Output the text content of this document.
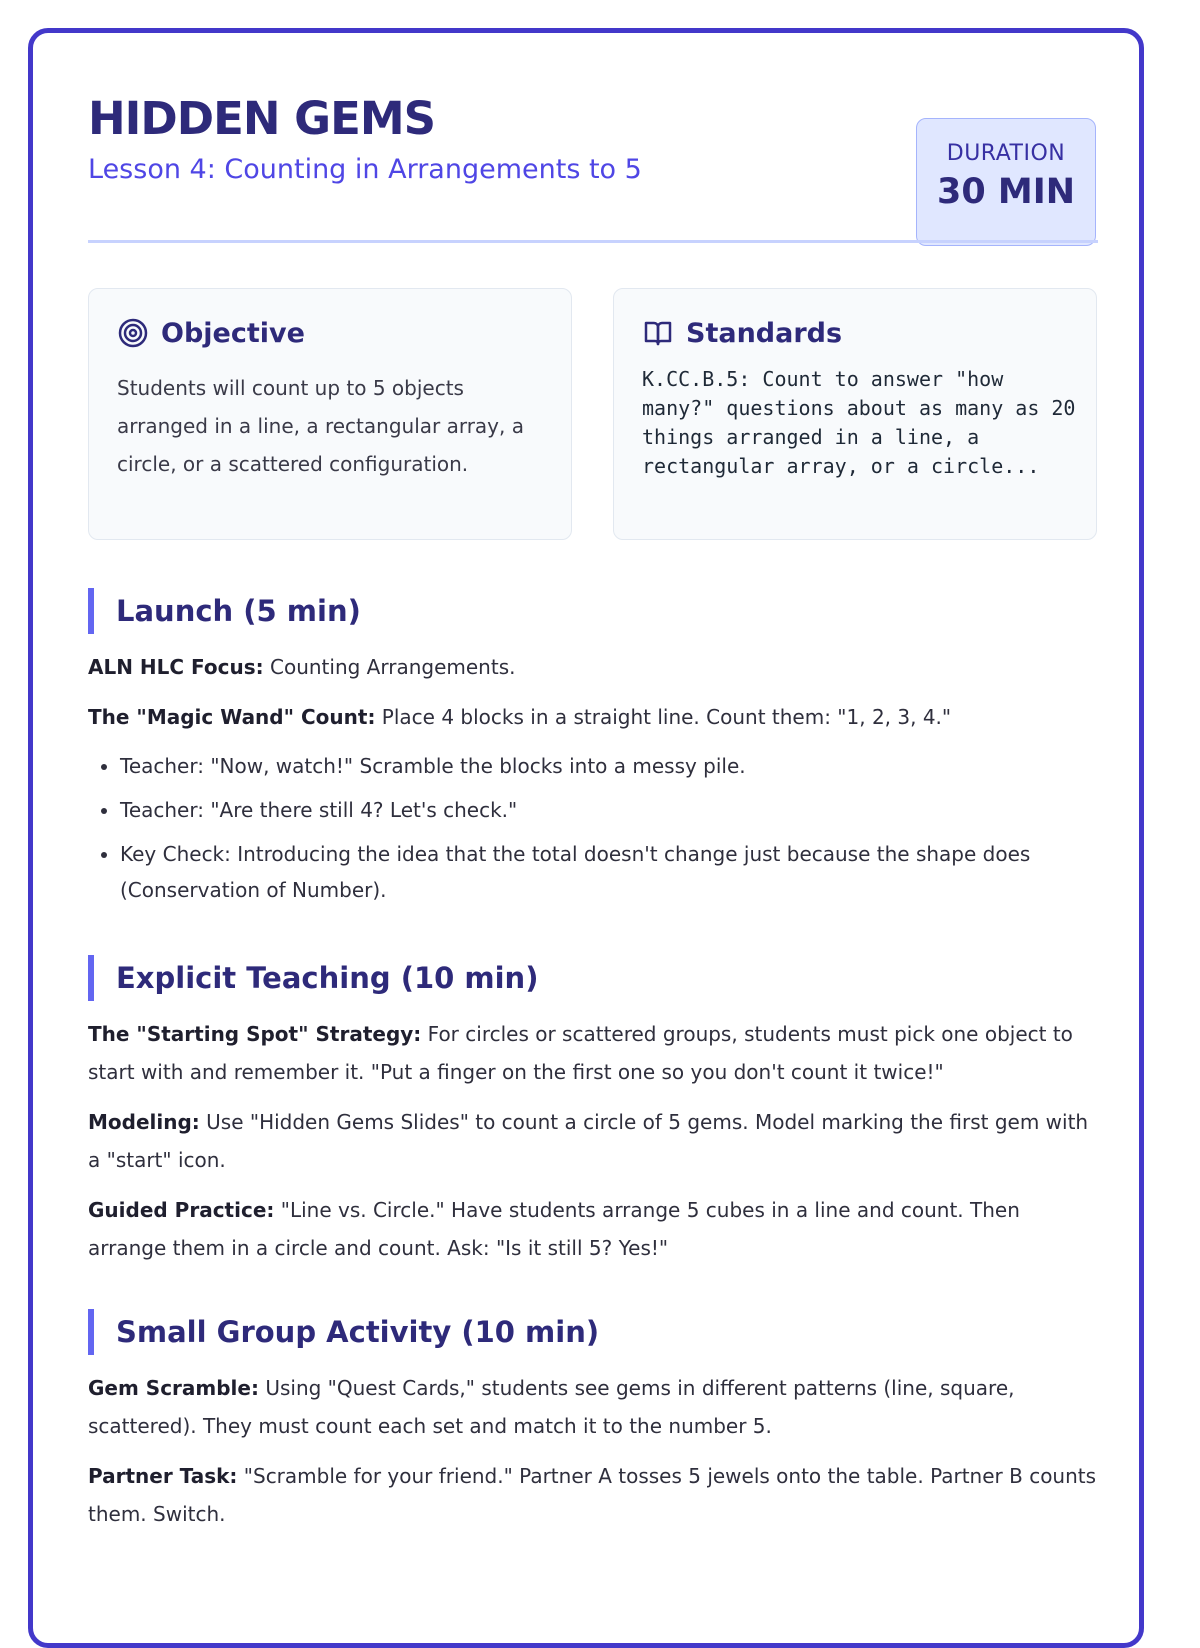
HIDDEN GEMS

Lesson 4: Counting in Arrangements to 5

DURATION
30 MIN
Objective

Students will count up to 5 objects arranged in a line, a rectangular array, a circle, or a scattered configuration.

Standards

K.CC.B.5: Count to answer "how many?" questions about as many as 20 things arranged in a line, a rectangular array, or a circle...

Launch (5 min)

ALN HLC Focus: Counting Arrangements.

The "Magic Wand" Count: Place 4 blocks in a straight line. Count them: "1, 2, 3, 4."

• Teacher: "Now, watch!" Scramble the blocks into a messy pile.
• Teacher: "Are there still 4? Let's check."
• Key Check: Introducing the idea that the total doesn't change just because the shape does (Conservation of Number).
Explicit Teaching (10 min)

The "Starting Spot" Strategy: For circles or scattered groups, students must pick one object to start with and remember it. "Put a finger on the first one so you don't count it twice!"

Modeling: Use "Hidden Gems Slides" to count a circle of 5 gems. Model marking the first gem with a "start" icon.

Guided Practice: "Line vs. Circle." Have students arrange 5 cubes in a line and count. Then arrange them in a circle and count. Ask: "Is it still 5? Yes!"

Small Group Activity (10 min)

Gem Scramble: Using "Quest Cards," students see gems in different patterns (line, square, scattered). They must count each set and match it to the number 5.

Partner Task: "Scramble for your friend." Partner A tosses 5 jewels onto the table. Partner B counts them. Switch.
